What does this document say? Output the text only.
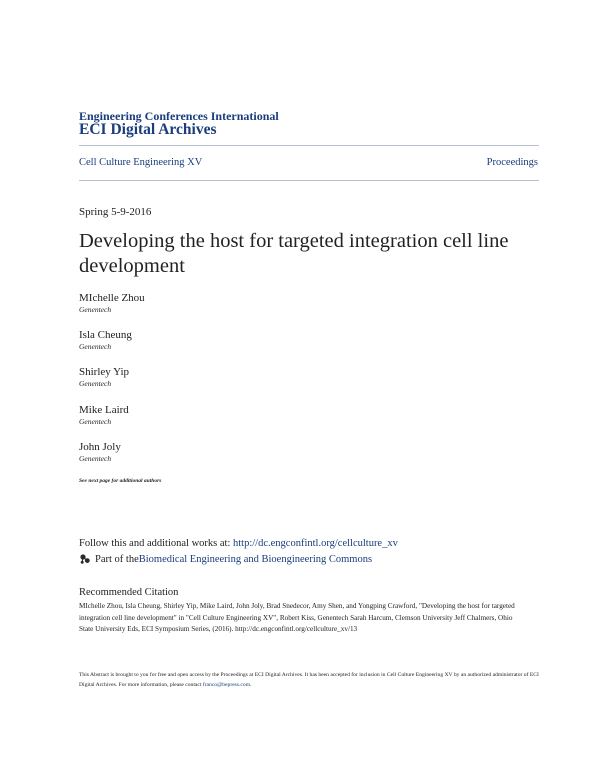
Engineering Conferences International
ECI Digital Archives
Cell Culture Engineering XV	Proceedings
Spring 5-9-2016
Developing the host for targeted integration cell line development
MIchelle Zhou
Genentech
Isla Cheung
Genentech
Shirley Yip
Genentech
Mike Laird
Genentech
John Joly
Genentech
See next page for additional authors
Follow this and additional works at: http://dc.engconfintl.org/cellculture_xv
Part of the Biomedical Engineering and Bioengineering Commons
Recommended Citation
MIchelle Zhou, Isla Cheung, Shirley Yip, Mike Laird, John Joly, Brad Snedecor, Amy Shen, and Yongping Crawford, "Developing the host for targeted integration cell line development" in "Cell Culture Engineering XV", Robert Kiss, Genentech Sarah Harcum, Clemson University Jeff Chalmers, Ohio State University Eds, ECI Symposium Series, (2016). http://dc.engconfintl.org/cellculture_xv/13
This Abstract is brought to you for free and open access by the Proceedings at ECI Digital Archives. It has been accepted for inclusion in Cell Culture Engineering XV by an authorized administrator of ECI Digital Archives. For more information, please contact franco@bepress.com.
